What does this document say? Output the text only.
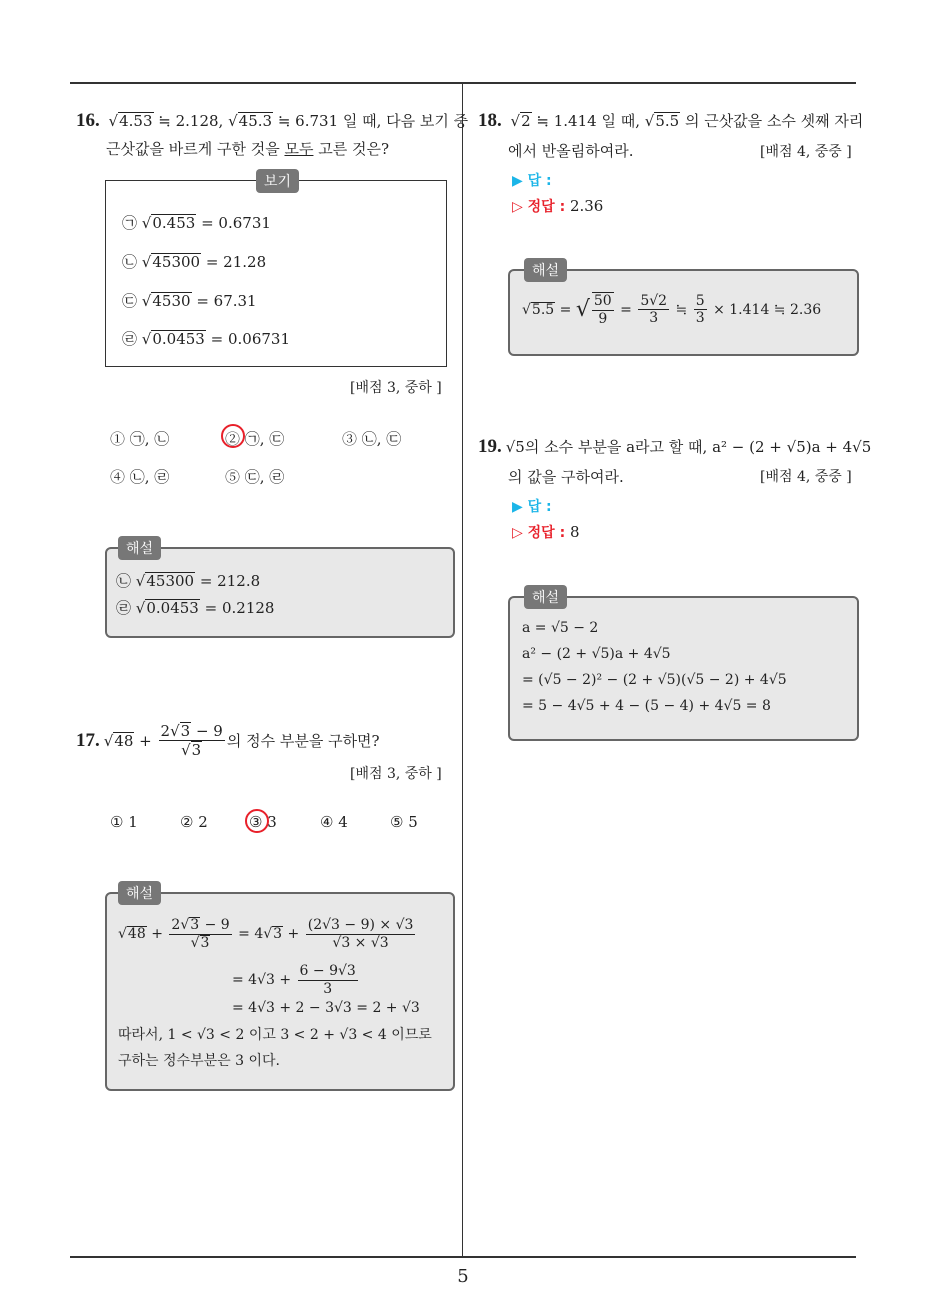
16. √4.53 ≒ 2.128, √45.3 ≒ 6.731 일 때, 다음 보기 중
근삿값을 바르게 구한 것을 모두 고른 것은?
보기
㉠ √0.453 = 0.6731
㉡ √45300 = 21.28
㉢ √4530 = 67.31
㉣ √0.0453 = 0.06731
[배점 3, 중하 ]
① ㉠, ㉡	② ㉠, ㉢	③ ㉡, ㉢
④ ㉡, ㉣	⑤ ㉢, ㉣
해설
㉡ √45300 = 212.8
㉣ √0.0453 = 0.2128
17. $√48 + \frac{2√3 - 9}{√3}$ 의 정수 부분을 구하면?
[배점 3, 중하 ]
① 1	② 2	③ 3	④ 4	⑤ 5
해설
$√48 + \frac{2√3 - 9}{√3} = 4$ $√3 + \frac{(2√3 - 9) \times √3}{√3 \times √3}$
= $4√3 + \frac{6 - 9√3}{3}$
= 4√3 + 2 − 3√3 = 2 + √3
따라서, 1 < √3 < 2 이고 3 < 2 + √3 < 4 이므로
구하는 정수부분은 3 이다.
18. √2 ≒ 1.414 일 때, √5.5 의 근삿값을 소수 셋째 자리
에서 반올림하여라.	[배점 4, 중중 ]
▶ 답 :
▷ 정답 : 2.36
해설
√5.5 = √ $\frac{50}{9} = \frac{5√2}{3}$ ≒ $\frac{5}{3} \times 1.414$ ≒ 2.36
19. √5의 소수 부분을 a라고 할 때, a² − (2 + √5)a + 4√5
의 값을 구하여라.	[배점 4, 중중 ]
▶ 답 :
▷ 정답 : 8
해설
a = √5 − 2
a² − (2 + √5)a + 4√5
= (√5 − 2)² − (2 + √5)(√5 − 2) + 4√5
= 5 − 4√5 + 4 − (5 − 4) + 4√5 = 8
5
